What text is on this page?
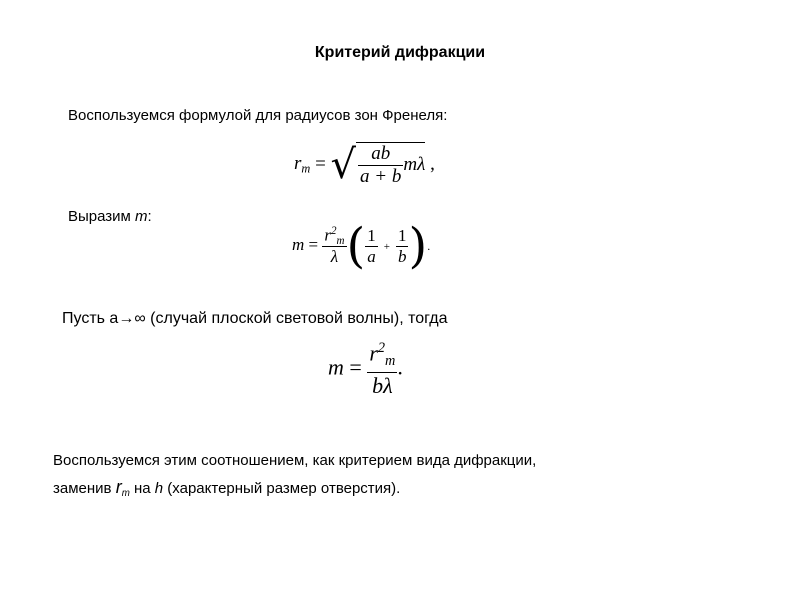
Критерий дифракции
Воспользуемся формулой для радиусов зон Френеля:
$r_m$ = √ $\frac{ab}{a + b}$ mλ ,
Выразим m:
$m = \frac{r^2_m}{\lambda}$ ( $\frac{1}{a} + \frac{1}{b}$ ).
Пусть a→∞ (случай плоской световой волны), тогда
$m = \frac{r^2_m}{b\lambda}$ .
Воспользуемся этим соотношением, как критерием вида дифракции,
заменив $r_m$ на h (характерный размер отверстия).
